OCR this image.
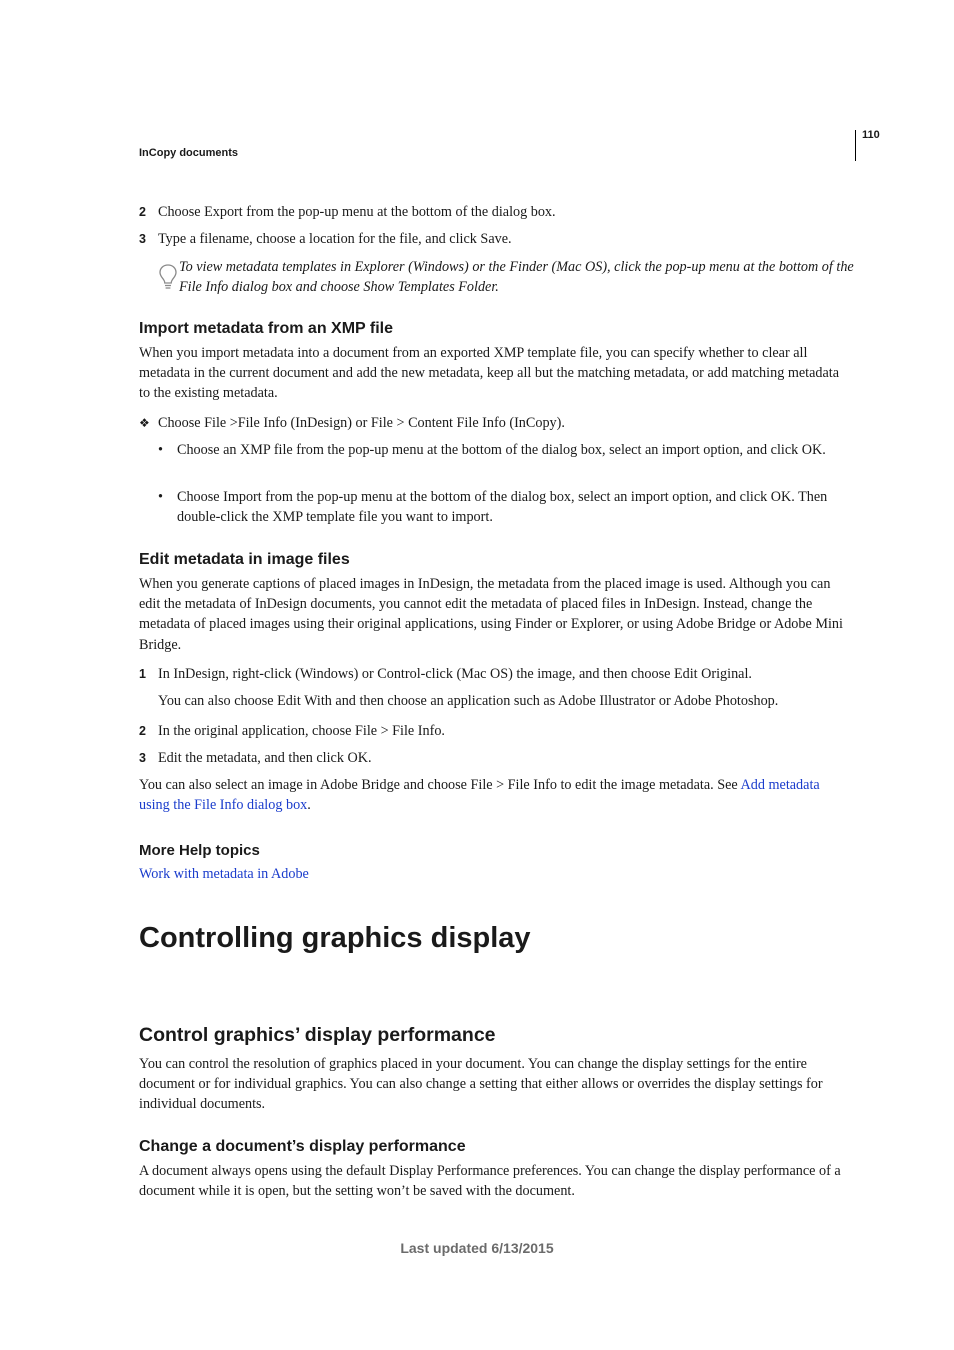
InCopy documents
110
2 Choose Export from the pop-up menu at the bottom of the dialog box.
3 Type a filename, choose a location for the file, and click Save.
To view metadata templates in Explorer (Windows) or the Finder (Mac OS), click the pop-up menu at the bottom of the File Info dialog box and choose Show Templates Folder.
Import metadata from an XMP file
When you import metadata into a document from an exported XMP template file, you can specify whether to clear all metadata in the current document and add the new metadata, keep all but the matching metadata, or add matching metadata to the existing metadata.
❖ Choose File >File Info (InDesign) or File > Content File Info (InCopy).
• Choose an XMP file from the pop-up menu at the bottom of the dialog box, select an import option, and click OK.
• Choose Import from the pop-up menu at the bottom of the dialog box, select an import option, and click OK. Then double-click the XMP template file you want to import.
Edit metadata in image files
When you generate captions of placed images in InDesign, the metadata from the placed image is used. Although you can edit the metadata of InDesign documents, you cannot edit the metadata of placed files in InDesign. Instead, change the metadata of placed images using their original applications, using Finder or Explorer, or using Adobe Bridge or Adobe Mini Bridge.
1 In InDesign, right-click (Windows) or Control-click (Mac OS) the image, and then choose Edit Original.
You can also choose Edit With and then choose an application such as Adobe Illustrator or Adobe Photoshop.
2 In the original application, choose File > File Info.
3 Edit the metadata, and then click OK.
You can also select an image in Adobe Bridge and choose File > File Info to edit the image metadata. See Add metadata using the File Info dialog box.
More Help topics
Work with metadata in Adobe
Controlling graphics display
Control graphics’ display performance
You can control the resolution of graphics placed in your document. You can change the display settings for the entire document or for individual graphics. You can also change a setting that either allows or overrides the display settings for individual documents.
Change a document’s display performance
A document always opens using the default Display Performance preferences. You can change the display performance of a document while it is open, but the setting won’t be saved with the document.
Last updated 6/13/2015
